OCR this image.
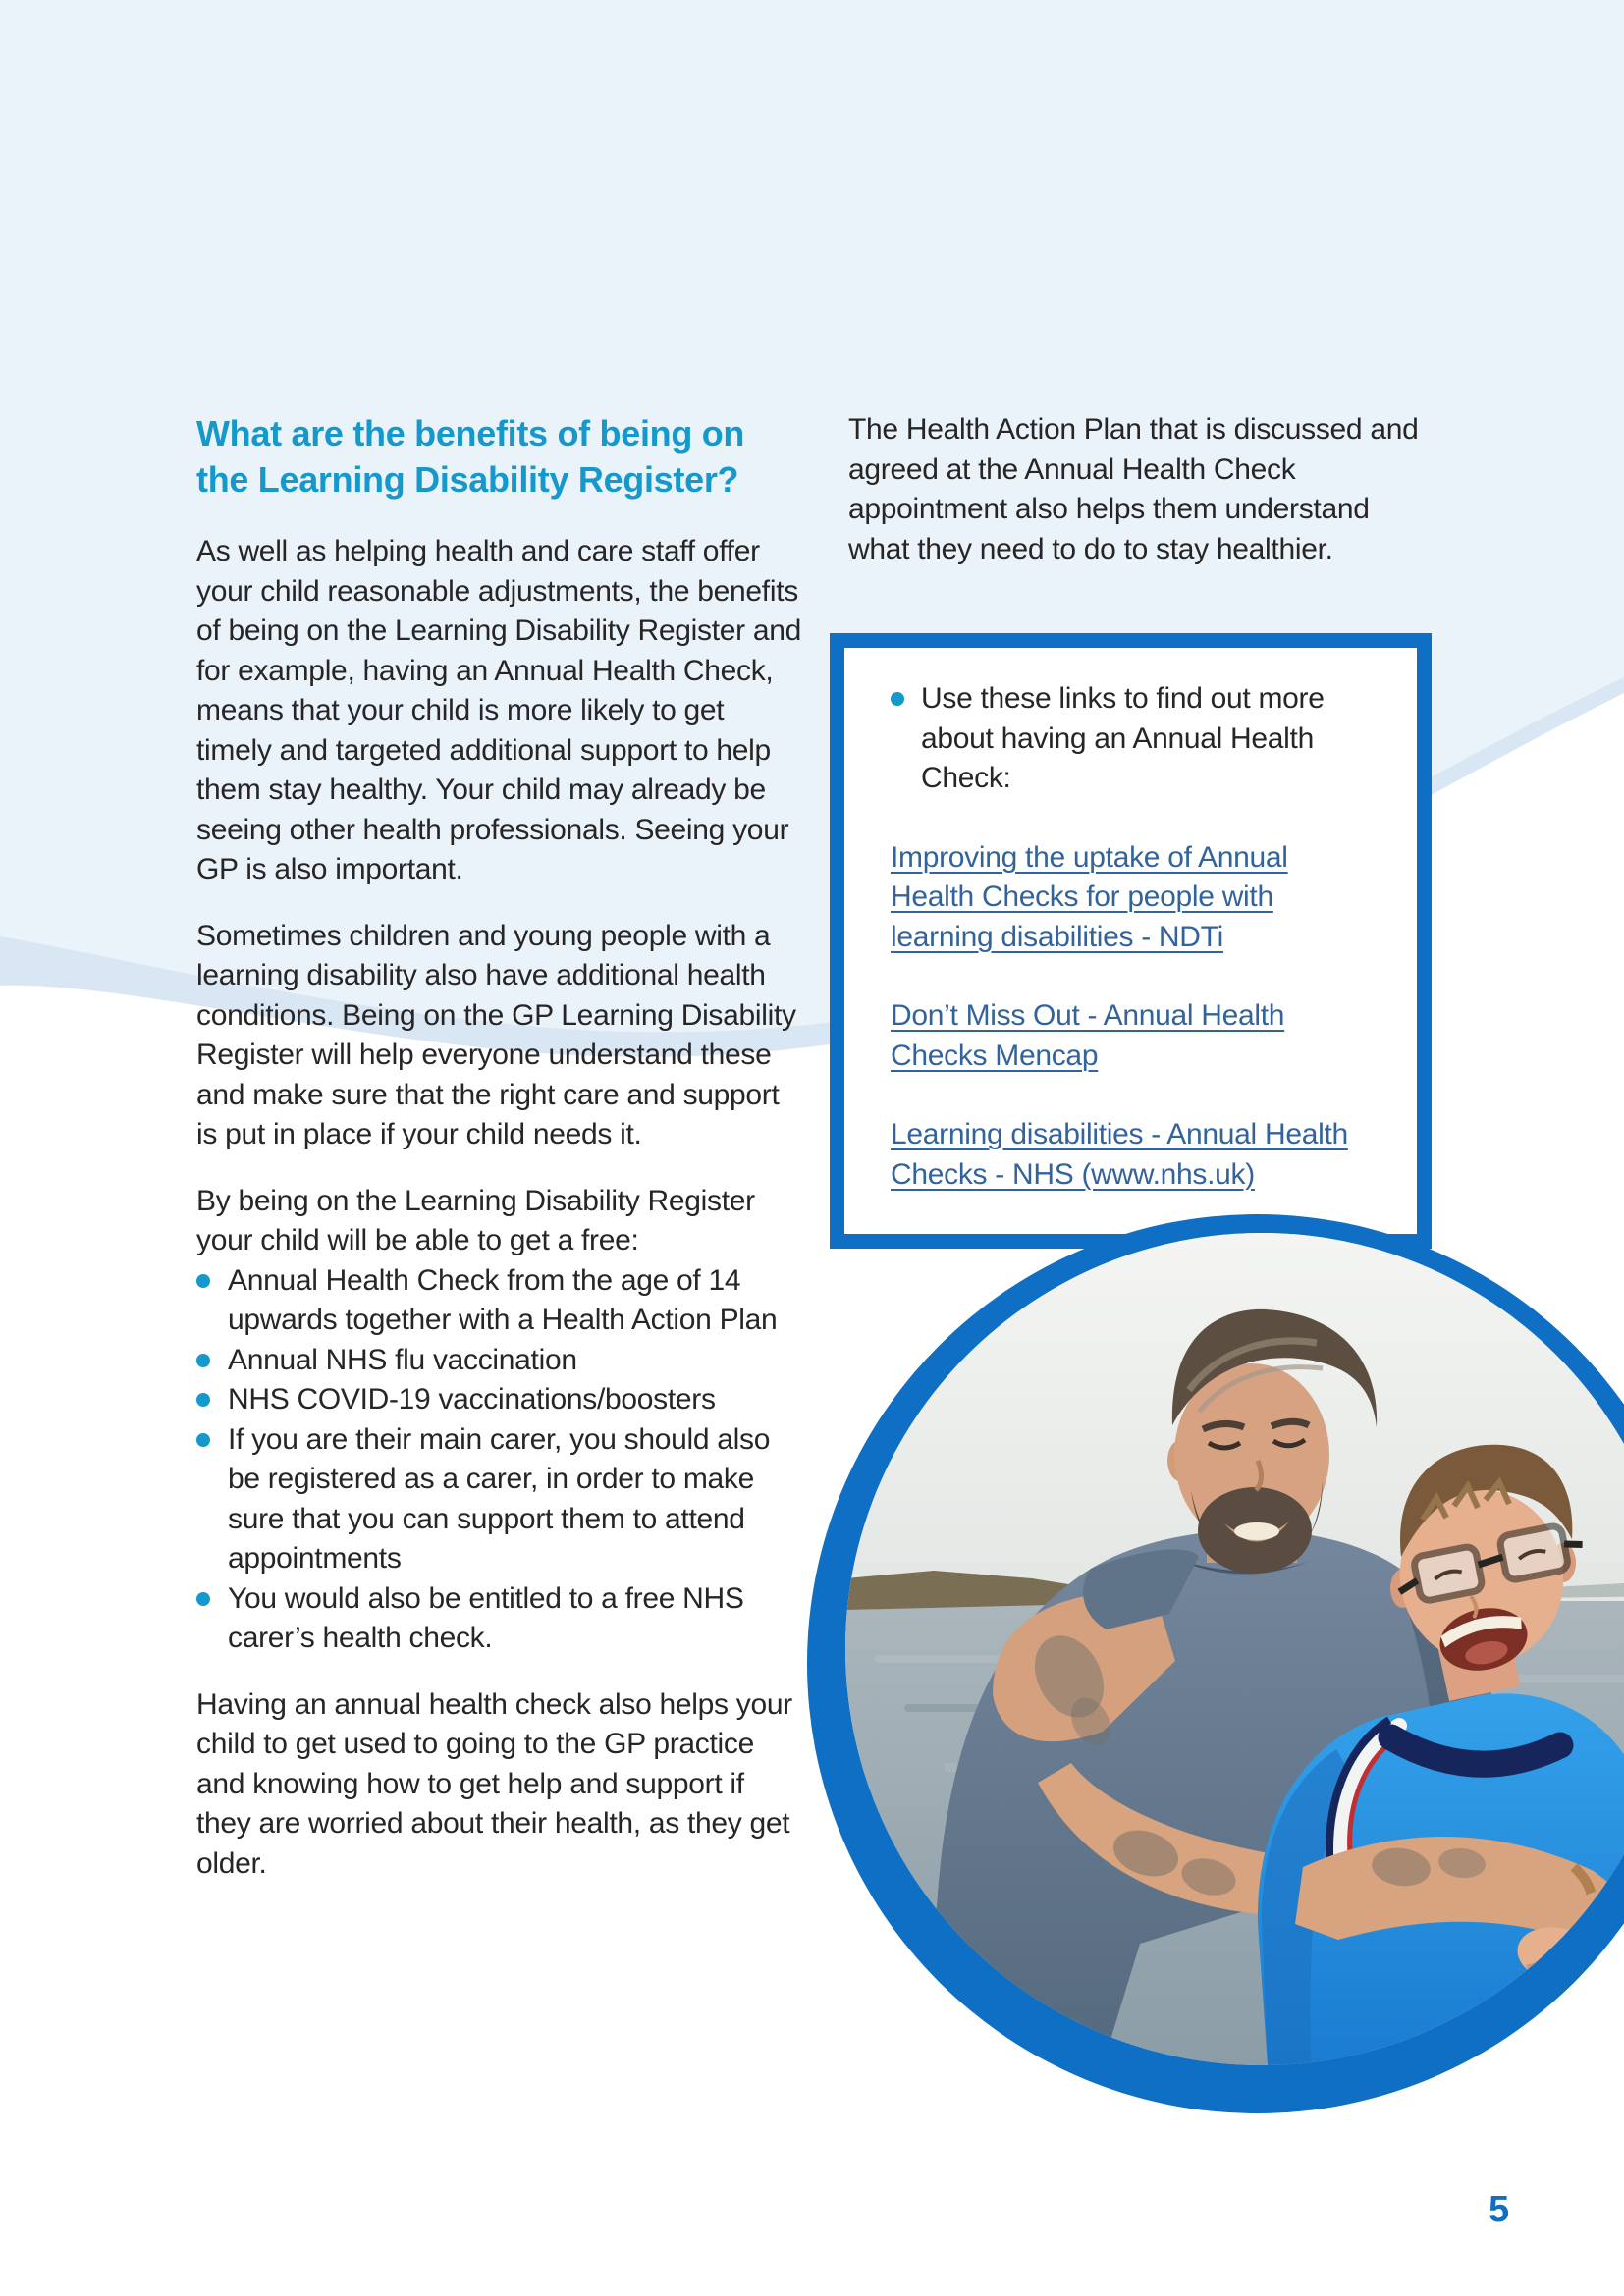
What are the benefits of being on the Learning Disability Register?

As well as helping health and care staff offer your child reasonable adjustments, the benefits of being on the Learning Disability Register and for example, having an Annual Health Check, means that your child is more likely to get timely and targeted additional support to help them stay healthy. Your child may already be seeing other health professionals. Seeing your GP is also important.

Sometimes children and young people with a learning disability also have additional health conditions. Being on the GP Learning Disability Register will help everyone understand these and make sure that the right care and support is put in place if your child needs it.

By being on the Learning Disability Register your child will be able to get a free:

Annual Health Check from the age of 14 upwards together with a Health Action Plan
Annual NHS flu vaccination
NHS COVID-19 vaccinations/boosters
If you are their main carer, you should also be registered as a carer, in order to make sure that you can support them to attend appointments
You would also be entitled to a free NHS carer’s health check.

Having an annual health check also helps your child to get used to going to the GP practice and knowing how to get help and support if they are worried about their health, as they get older.

The Health Action Plan that is discussed and agreed at the Annual Health Check appointment also helps them understand what they need to do to stay healthier.

Use these links to find out more about having an Annual Health Check:
Improving the uptake of Annual Health Checks for people with learning disabilities - NDTi
Don’t Miss Out - Annual Health Checks Mencap
Learning disabilities - Annual Health Checks - NHS (www.nhs.uk)
5
